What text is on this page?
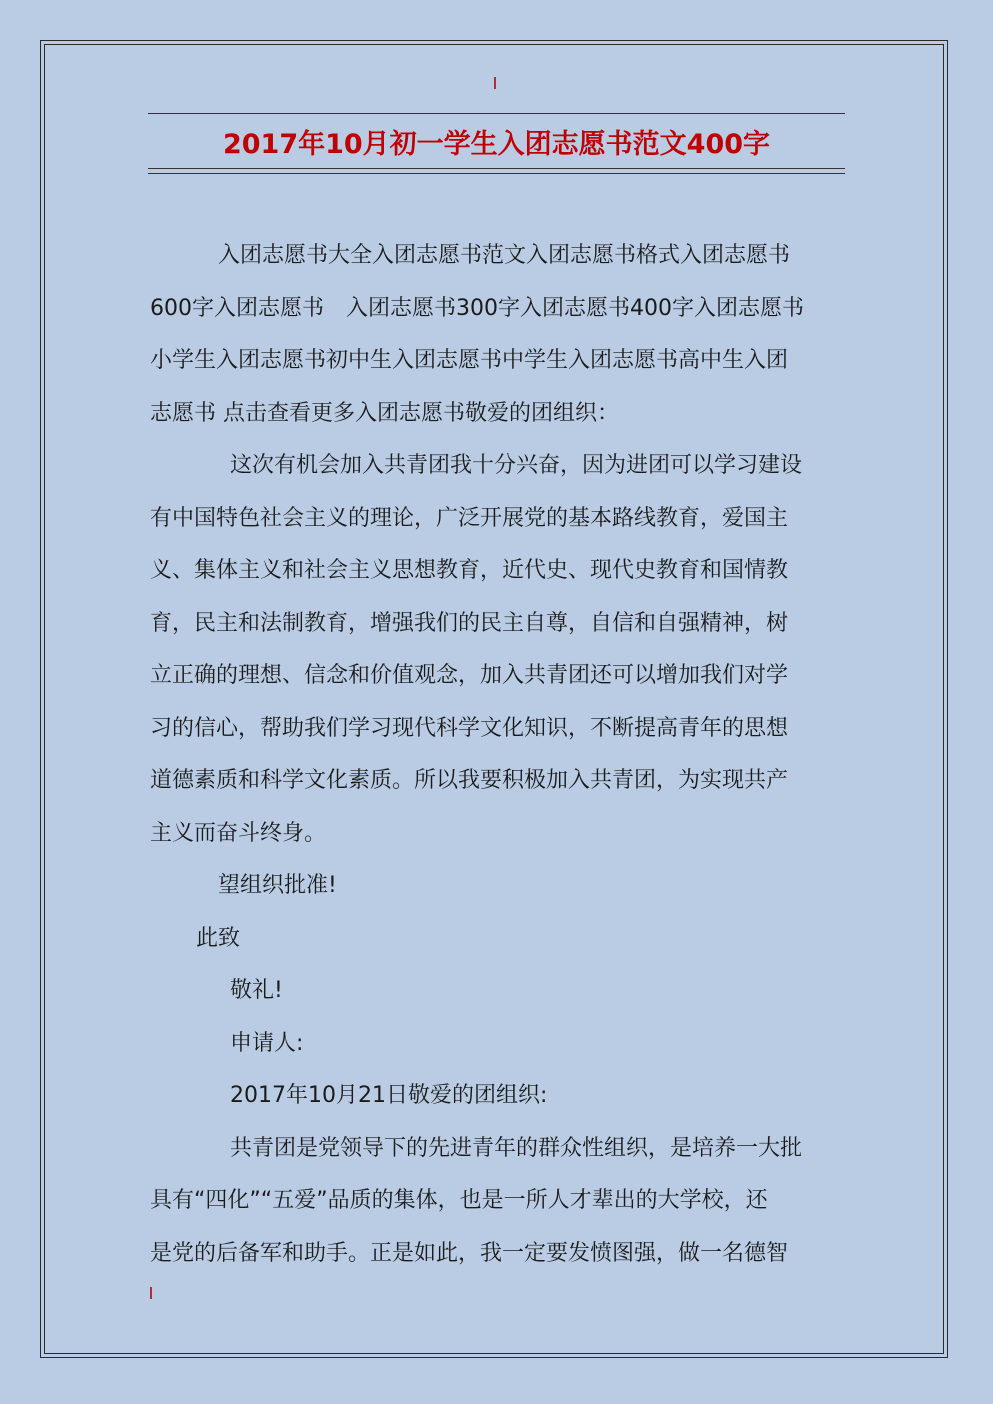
2017年10月初一学生入团志愿书范文400字

入团志愿书大全入团志愿书范文入团志愿书格式入团志愿书

600字入团志愿书　入团志愿书300字入团志愿书400字入团志愿书

小学生入团志愿书初中生入团志愿书中学生入团志愿书高中生入团

志愿书 点击查看更多入团志愿书敬爱的团组织：

这次有机会加入共青团我十分兴奋，因为进团可以学习建设

有中国特色社会主义的理论，广泛开展党的基本路线教育，爱国主

义、集体主义和社会主义思想教育，近代史、现代史教育和国情教

育，民主和法制教育，增强我们的民主自尊，自信和自强精神，树

立正确的理想、信念和价值观念，加入共青团还可以增加我们对学

习的信心，帮助我们学习现代科学文化知识，不断提高青年的思想

道德素质和科学文化素质。所以我要积极加入共青团，为实现共产

主义而奋斗终身。

望组织批准!

此致

敬礼!

申请人:

2017年10月21日敬爱的团组织:

共青团是党领导下的先进青年的群众性组织，是培养一大批

具有“四化”“五爱”品质的集体，也是一所人才辈出的大学校，还

是党的后备军和助手。正是如此，我一定要发愤图强，做一名德智
